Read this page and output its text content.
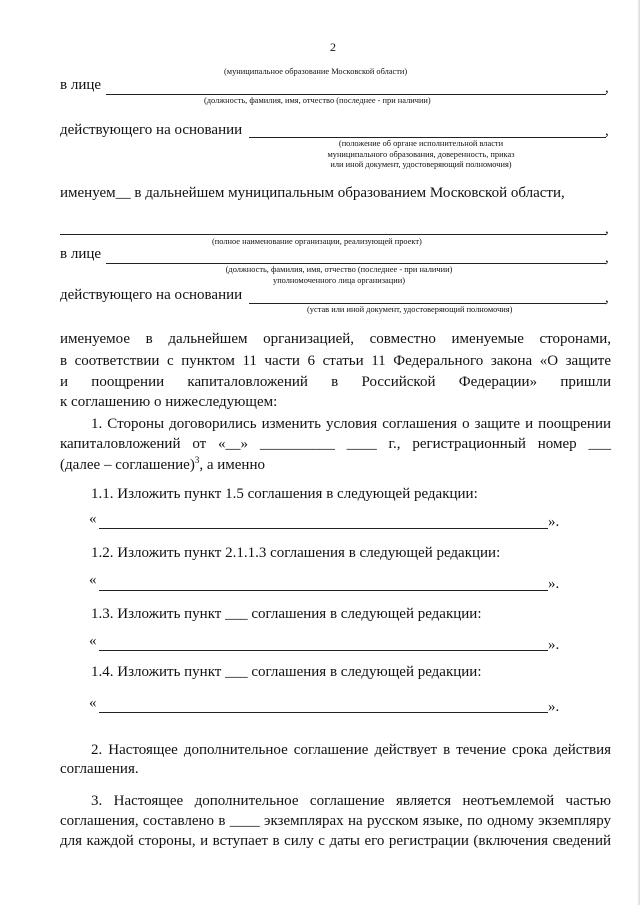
2
(муниципальное образование Московской области)
в лице	,
(должность, фамилия, имя, отчество (последнее - при наличии)
действующего на основании	,
(положение об органе исполнительной власти
муниципального образования, доверенность, приказ
или иной документ, удостоверяющий полномочия)
именуем__ в дальнейшем муниципальным образованием Московской области,
,
(полное наименование организации, реализующей проект)
в лице	,
(должность, фамилия, имя, отчество (последнее - при наличии)
уполномоченного лица организации)
действующего на основании	,
(устав или иной документ, удостоверяющий полномочия)
именуемое в дальнейшем организацией, совместно именуемые сторонами,
в соответствии с пунктом 11 части 6 статьи 11 Федерального закона «О защите
и поощрении капиталовложений в Российской Федерации» пришли
к соглашению о нижеследующем:
1. Стороны договорились изменить условия соглашения о защите и поощрении
капиталовложений от «__» __________ ____ г., регистрационный номер ___
(далее – соглашение)$^3$, а именно
1.1. Изложить пункт 1.5 соглашения в следующей редакции:
«	».
1.2. Изложить пункт 2.1.1.3 соглашения в следующей редакции:
«	».
1.3. Изложить пункт ___ соглашения в следующей редакции:
«	».
1.4. Изложить пункт ___ соглашения в следующей редакции:
«	».
2. Настоящее дополнительное соглашение действует в течение срока действия
соглашения.
3. Настоящее дополнительное соглашение является неотъемлемой частью
соглашения, составлено в ____ экземплярах на русском языке, по одному экземпляру
для каждой стороны, и вступает в силу с даты его регистрации (включения сведений
